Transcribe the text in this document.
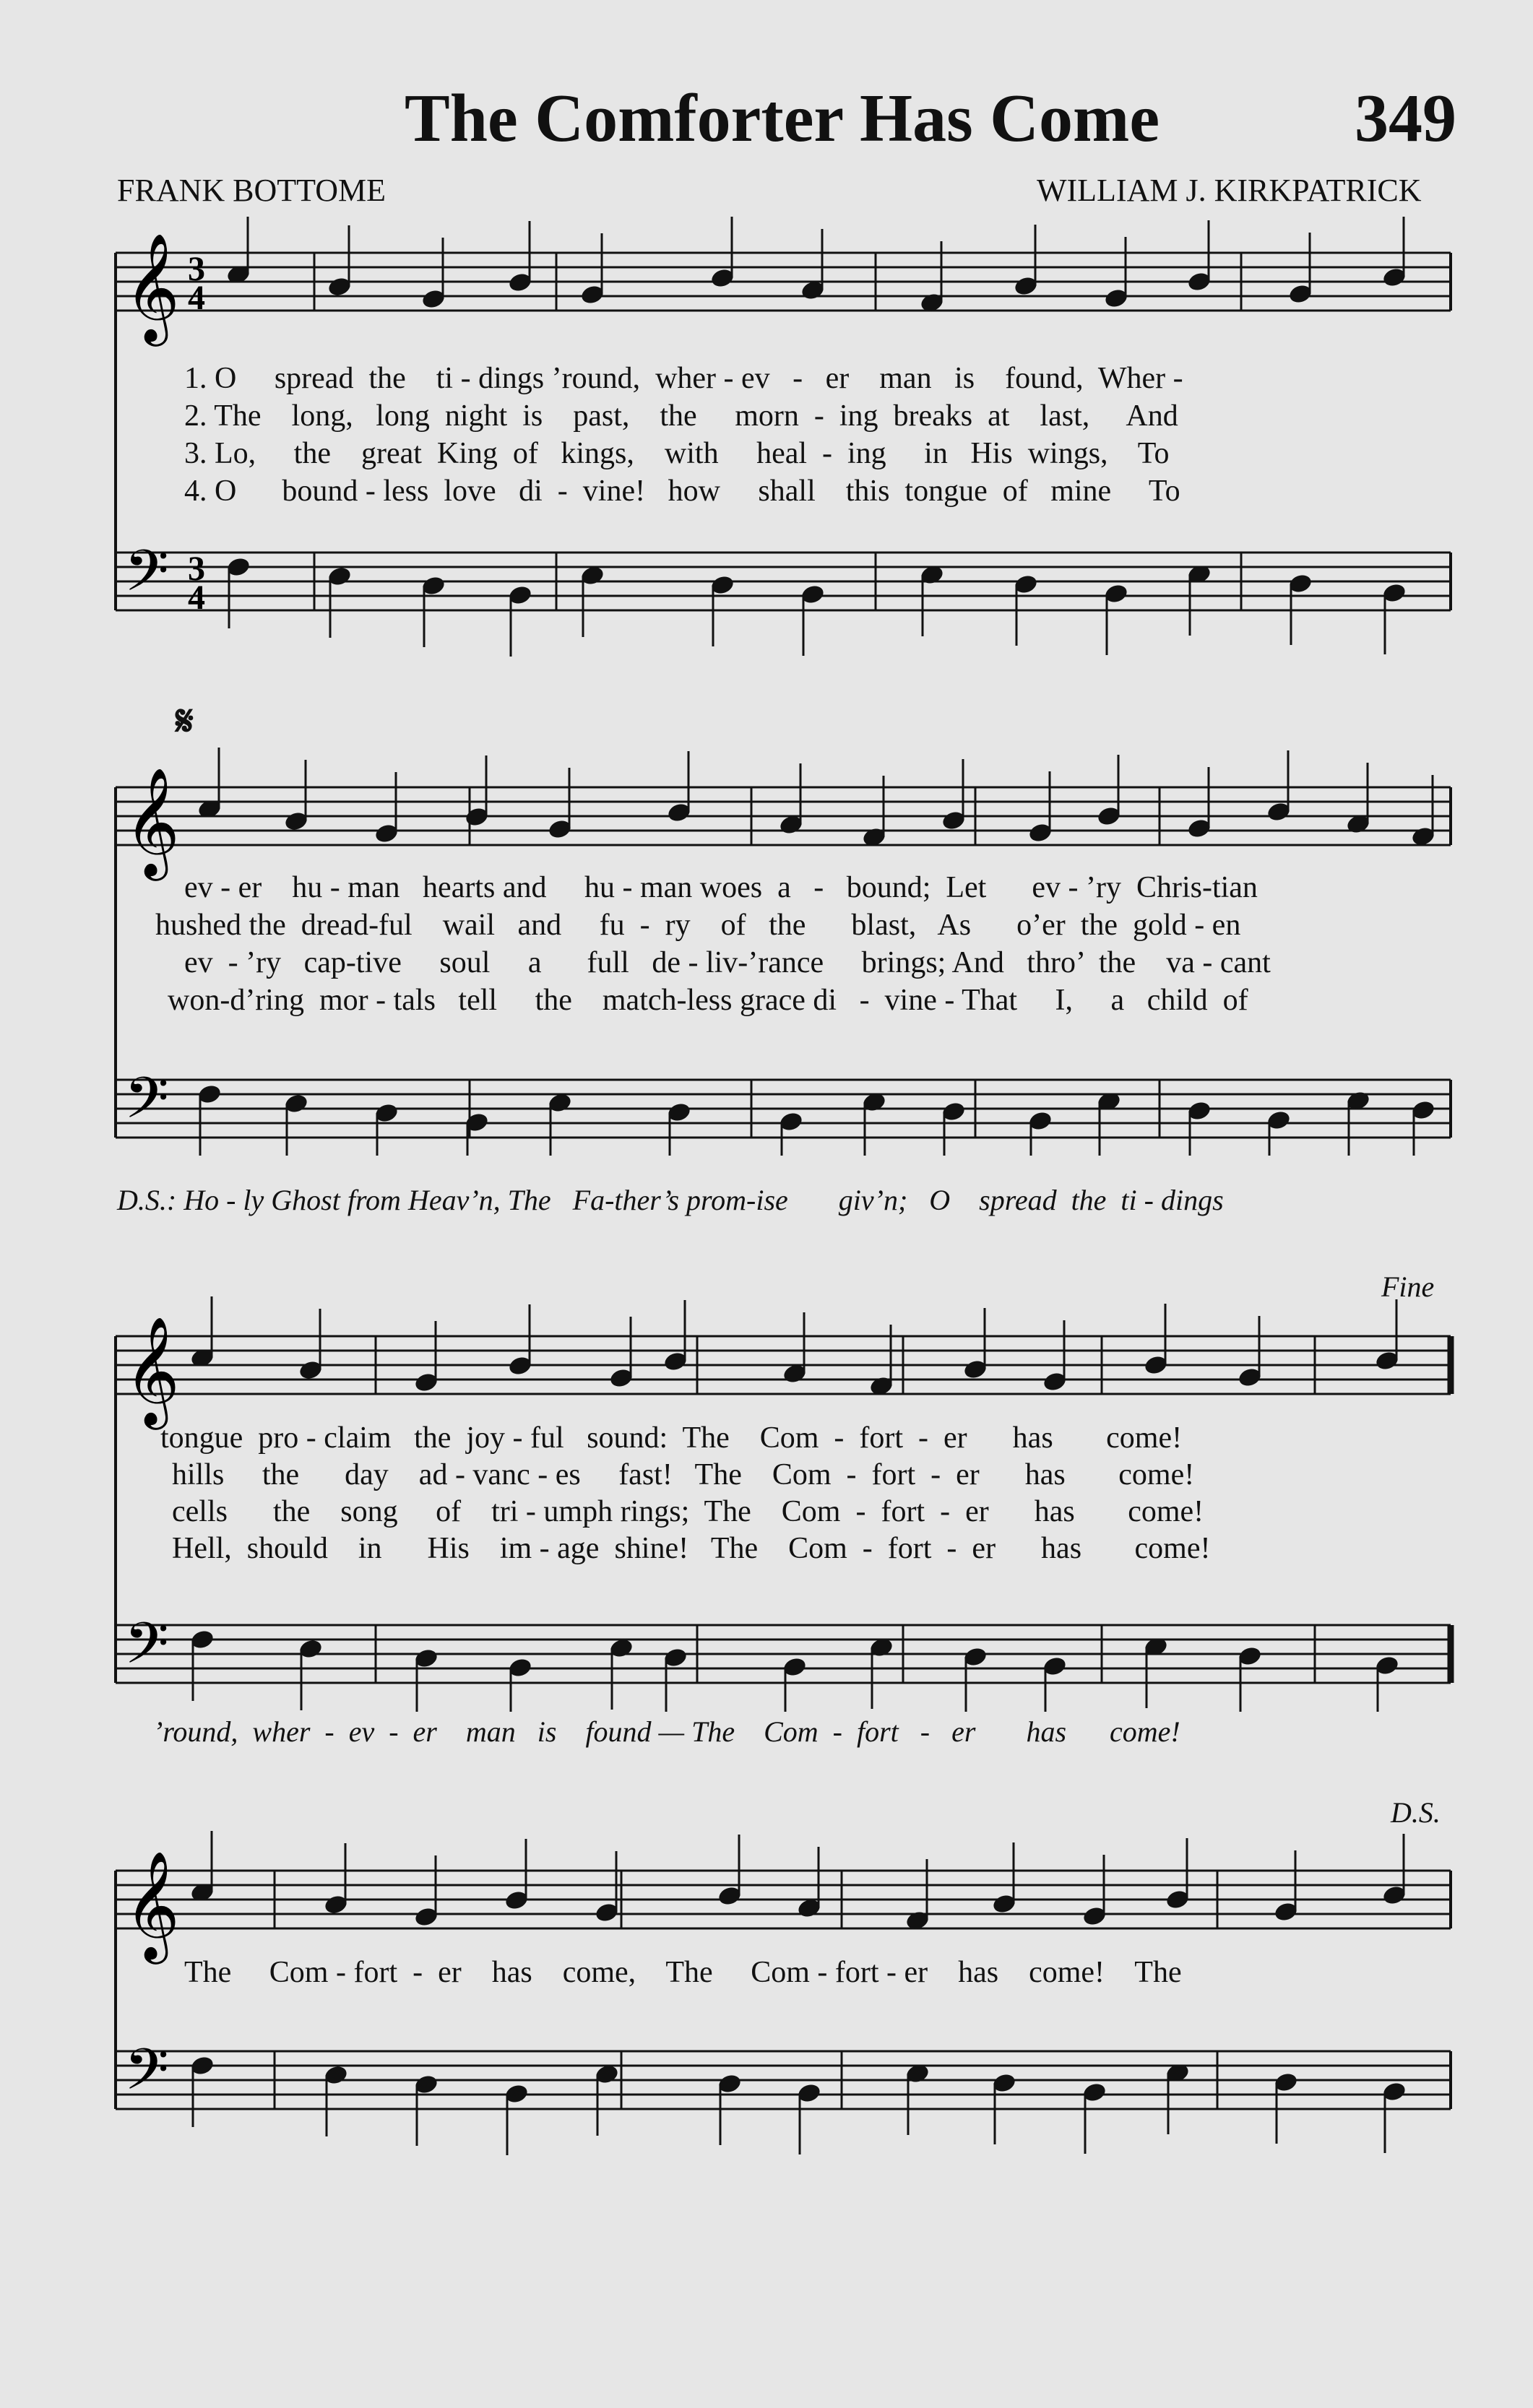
The Comforter Has Come	349
FRANK BOTTOME	WILLIAM J. KIRKPATRICK
𝄞
𝄢
3
4
3
4
1. O     spread  the    ti - dings ’round,  wher - ev   -   er    man   is    found,  Wher -
2. The    long,   long  night  is    past,    the     morn  -  ing  breaks  at    last,     And
3. Lo,     the    great  King  of   kings,    with     heal  -  ing     in   His  wings,    To
4. O      bound - less  love   di  -  vine!   how     shall    this  tongue  of   mine     To
𝄋
𝄞
𝄢
ev - er    hu - man   hearts and     hu - man woes  a   -   bound;  Let      ev - ’ry  Chris-tian
hushed the  dread-ful    wail   and     fu  -  ry    of   the      blast,   As      o’er  the  gold - en
ev  - ’ry   cap-tive     soul     a      full   de - liv-’rance     brings; And   thro’  the    va - cant
won-d’ring  mor - tals   tell     the    match-less grace di   -  vine - That     I,     a   child  of
D.S.: Ho - ly Ghost from Heav’n, The   Fa-ther’s prom-ise       giv’n;   O    spread  the  ti - dings
Fine
𝄞
𝄢
tongue  pro - claim   the  joy - ful   sound:  The    Com  -  fort  -  er      has       come!
hills     the      day    ad - vanc - es     fast!   The    Com  -  fort  -  er      has       come!
cells      the    song     of    tri - umph rings;  The    Com  -  fort  -  er      has       come!
Hell,  should    in      His    im - age  shine!   The    Com  -  fort  -  er      has       come!
’round,  wher  -  ev  -  er    man   is    found — The    Com  -  fort   -   er       has      come!
D.S.
𝄞
𝄢
The     Com - fort  -  er    has    come,    The     Com - fort - er    has    come!    The
